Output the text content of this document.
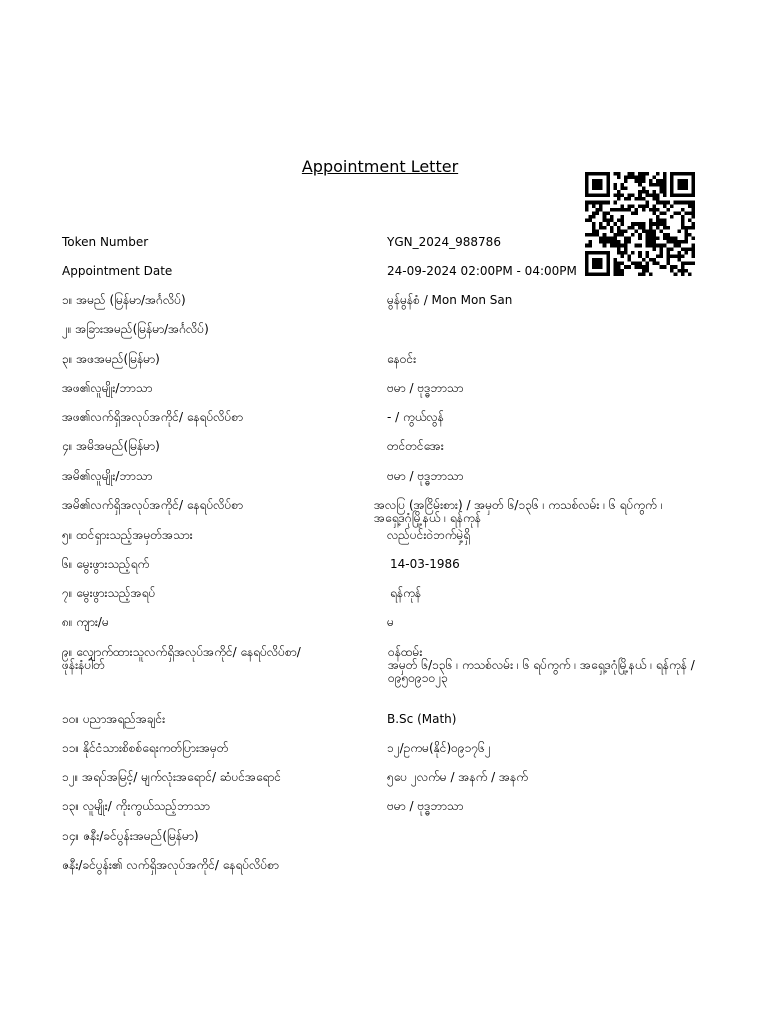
Appointment Letter
Token Number	YGN_2024_988786
Appointment Date	24-09-2024 02:00PM - 04:00PM
၁။ အမည် (မြန်မာ/အင်္ဂလိပ်)	မွန်မွန်စံ / Mon Mon San
၂။ အခြားအမည်(မြန်မာ/အင်္ဂလိပ်)
၃။ အဖအမည်(မြန်မာ)	နေဝင်း
အဖ၏လူမျိုး/ဘာသာ	ဗမာ / ဗုဒ္ဓဘာသာ
အဖ၏လက်ရှိအလုပ်အကိုင်/ နေရပ်လိပ်စာ	- / ကွယ်လွန်
၄။ အမိအမည်(မြန်မာ)	တင်တင်အေး
အမိ၏လူမျိုး/ဘာသာ	ဗမာ / ဗုဒ္ဓဘာသာ
အမိ၏လက်ရှိအလုပ်အကိုင်/ နေရပ်လိပ်စာ	အလပြ (အငြိမ်းစား) / အမှတ် ၆/၁၃၆ ၊ ကသစ်လမ်း ၊ ၆ ရပ်ကွက် ၊ အရှေ့ဒဂုံမြို့နယ် ၊ ရန်ကုန်
၅။ ထင်ရှားသည့်အမှတ်အသား	လည်ပင်းဝဲဘက်မှဲ့ရှိ
၆။ မွေးဖွားသည့်ရက်	14-03-1986
၇။ မွေးဖွားသည့်အရပ်	ရန်ကုန်
၈။ ကျား/မ	မ
၉။ လျှောက်ထားသူလက်ရှိအလုပ်အကိုင်/ နေရပ်လိပ်စာ/ဖုန်းနံပါတ်
ဝန်ထမ်း
အမှတ် ၆/၁၃၆ ၊ ကသစ်လမ်း ၊ ၆ ရပ်ကွက် ၊ အရှေ့ဒဂုံမြို့နယ် ၊ ရန်ကုန် / ၀၉၅၀၉၁၀၂၃
၁၀။ ပညာအရည်အချင်း	B.Sc (Math)
၁၁။ နိုင်ငံသားစိစစ်ရေးကတ်ပြားအမှတ်	၁၂/ဥကမ(နိုင်)၀၉၁၇၆၂
၁၂။ အရပ်အမြင့်/ မျက်လုံးအရောင်/ ဆံပင်အရောင်	၅ပေ ၂လက်မ / အနက် / အနက်
၁၃။ လူမျိုး/ ကိုးကွယ်သည့်ဘာသာ	ဗမာ / ဗုဒ္ဓဘာသာ
၁၄။ ဇနီး/ခင်ပွန်းအမည်(မြန်မာ)
ဇနီး/ခင်ပွန်း၏ လက်ရှိအလုပ်အကိုင်/ နေရပ်လိပ်စာ
